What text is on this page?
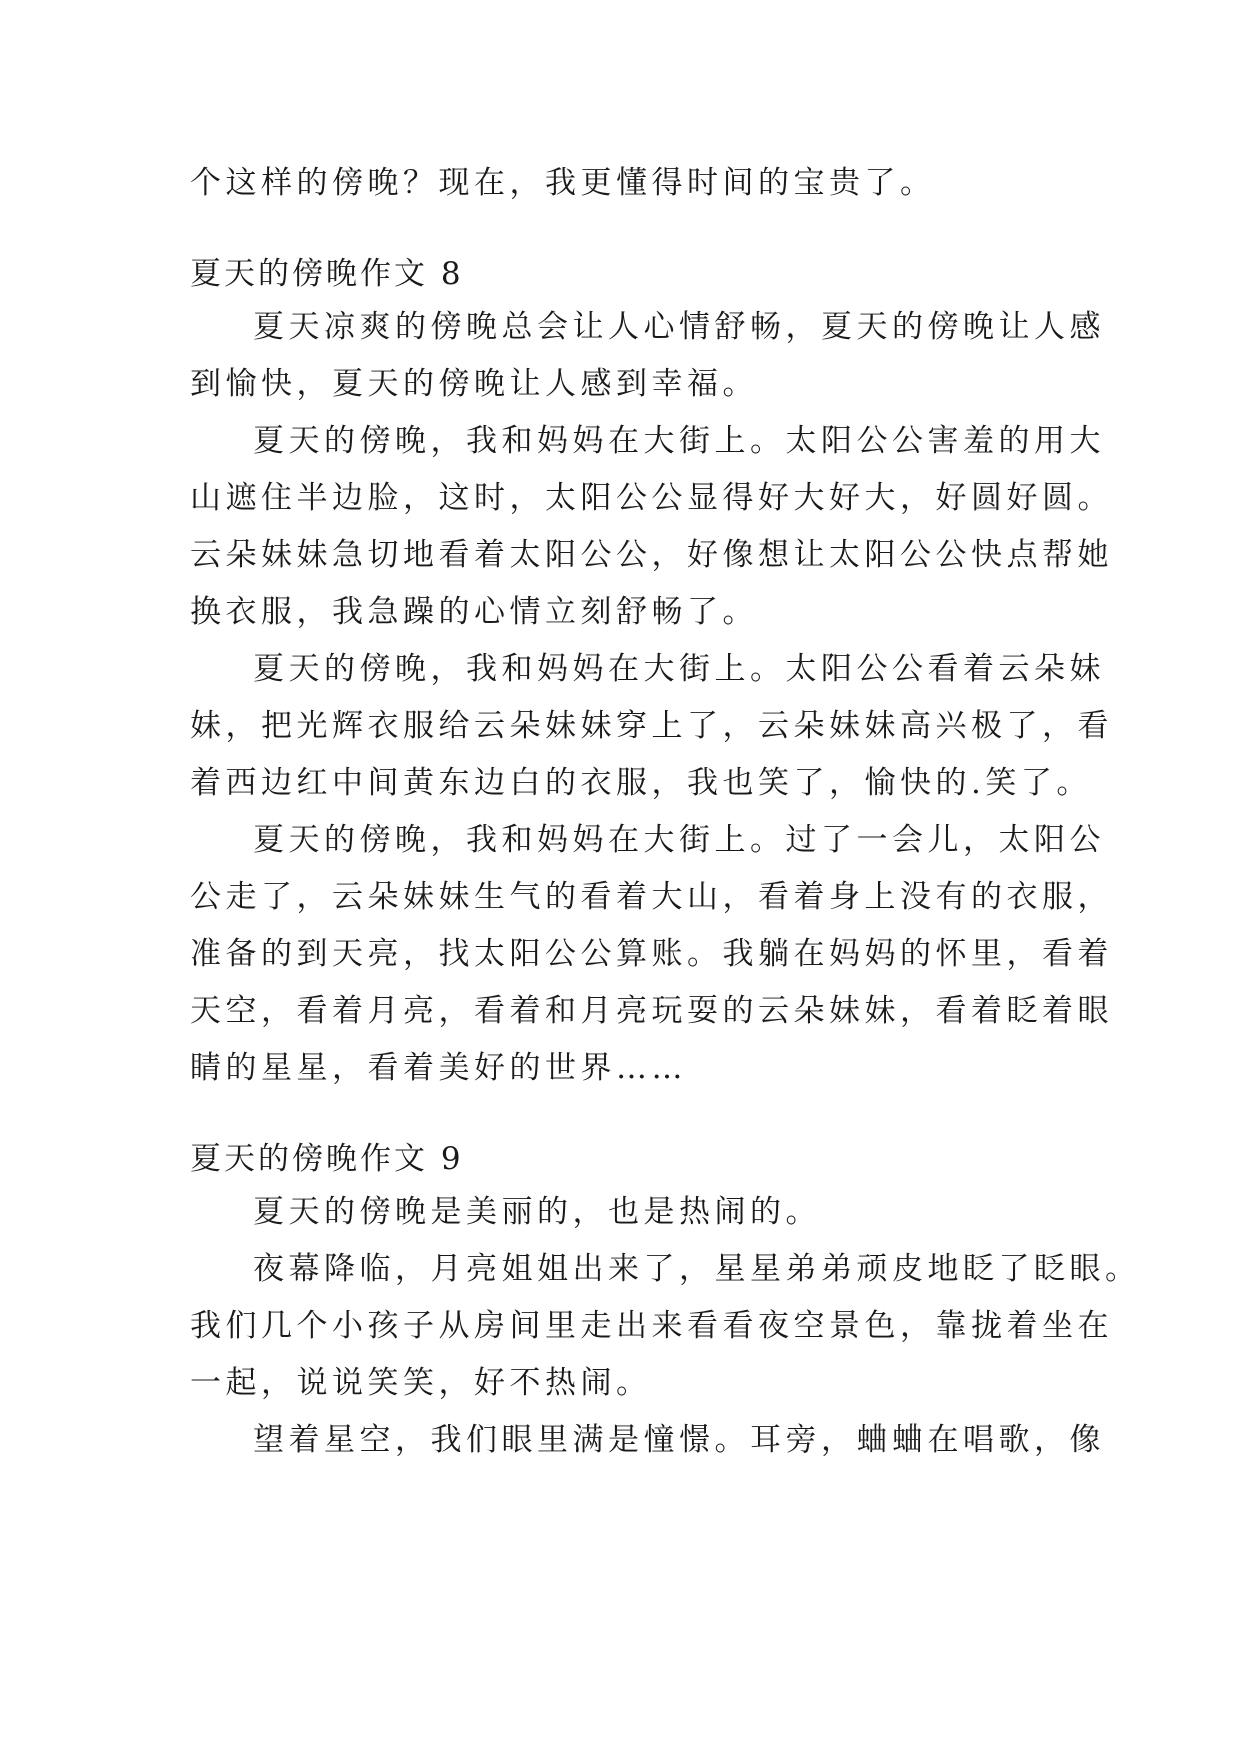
个这样的傍晚？现在，我更懂得时间的宝贵了。
夏天的傍晚作文 8
夏天凉爽的傍晚总会让人心情舒畅，夏天的傍晚让人感
到愉快，夏天的傍晚让人感到幸福。
夏天的傍晚，我和妈妈在大街上。太阳公公害羞的用大
山遮住半边脸，这时，太阳公公显得好大好大，好圆好圆。
云朵妹妹急切地看着太阳公公，好像想让太阳公公快点帮她
换衣服，我急躁的心情立刻舒畅了。
夏天的傍晚，我和妈妈在大街上。太阳公公看着云朵妹
妹，把光辉衣服给云朵妹妹穿上了，云朵妹妹高兴极了，看
着西边红中间黄东边白的衣服，我也笑了，愉快的.笑了。
夏天的傍晚，我和妈妈在大街上。过了一会儿，太阳公
公走了，云朵妹妹生气的看着大山，看着身上没有的衣服，
准备的到天亮，找太阳公公算账。我躺在妈妈的怀里，看着
天空，看着月亮，看着和月亮玩耍的云朵妹妹，看着眨着眼
睛的星星，看着美好的世界……
夏天的傍晚作文 9
夏天的傍晚是美丽的，也是热闹的。
夜幕降临，月亮姐姐出来了，星星弟弟顽皮地眨了眨眼。
我们几个小孩子从房间里走出来看看夜空景色，靠拢着坐在
一起，说说笑笑，好不热闹。
望着星空，我们眼里满是憧憬。耳旁，蛐蛐在唱歌，像
